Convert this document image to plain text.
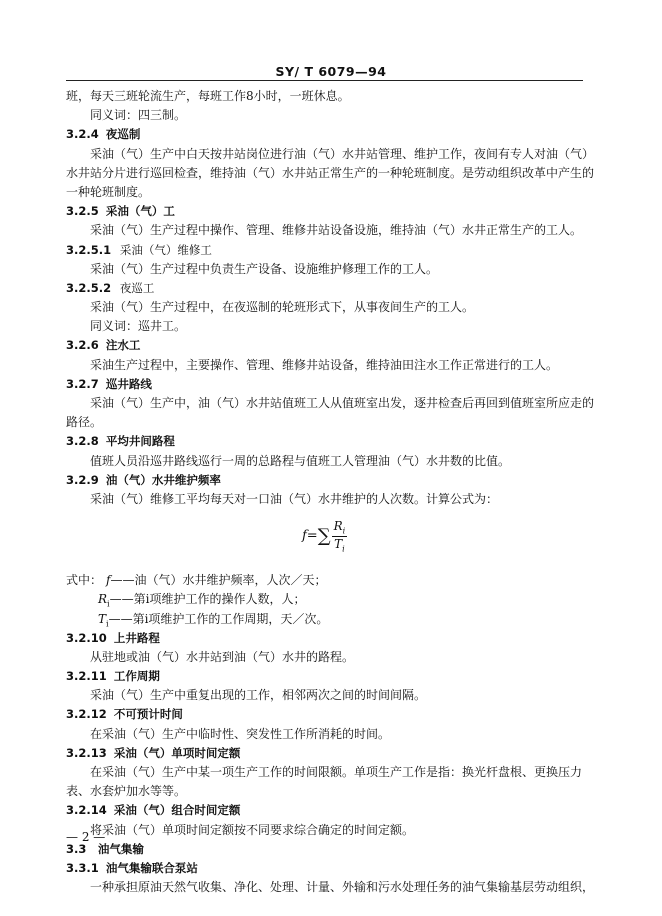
SY/ T 6079—94
班，每天三班轮流生产，每班工作8小时，一班休息。
同义词：四三制。
3.2.4 夜巡制
采油（气）生产中白天按井站岗位进行油（气）水井站管理、维护工作，夜间有专人对油（气）
水井站分片进行巡回检查，维持油（气）水井站正常生产的一种轮班制度。是劳动组织改革中产生的
一种轮班制度。
3.2.5 采油（气）工
采油（气）生产过程中操作、管理、维修井站设备设施，维持油（气）水井正常生产的工人。
3.2.5.1 采油（气）维修工
采油（气）生产过程中负责生产设备、设施维护修理工作的工人。
3.2.5.2 夜巡工
采油（气）生产过程中，在夜巡制的轮班形式下，从事夜间生产的工人。
同义词：巡井工。
3.2.6 注水工
采油生产过程中，主要操作、管理、维修井站设备，维持油田注水工作正常进行的工人。
3.2.7 巡井路线
采油（气）生产中，油（气）水井站值班工人从值班室出发，逐井检查后再回到值班室所应走的
路径。
3.2.8 平均井间路程
值班人员沿巡井路线巡行一周的总路程与值班工人管理油（气）水井数的比值。
3.2.9 油（气）水井维护频率
采油（气）维修工平均每天对一口油（气）水井维护的人次数。计算公式为：
$f=\sum \frac{R_i}{T_i}$
式中： f——油（气）水井维护频率，人次／天；
$R_i——$第i项维护工作的操作人数，人；
$T_i——$第i项维护工作的工作周期，天／次。
3.2.10 上井路程
从驻地或油（气）水井站到油（气）水井的路程。
3.2.11 工作周期
采油（气）生产中重复出现的工作，相邻两次之间的时间间隔。
3.2.12 不可预计时间
在采油（气）生产中临时性、突发性工作所消耗的时间。
3.2.13 采油（气）单项时间定额
在采油（气）生产中某一项生产工作的时间限额。单项生产工作是指：换光杆盘根、更换压力
表、水套炉加水等等。
3.2.14 采油（气）组合时间定额
将采油（气）单项时间定额按不同要求综合确定的时间定额。
3.3 油气集输
3.3.1 油气集输联合泵站
一种承担原油天然气收集、净化、处理、计量、外输和污水处理任务的油气集输基层劳动组织，
— 2 —
